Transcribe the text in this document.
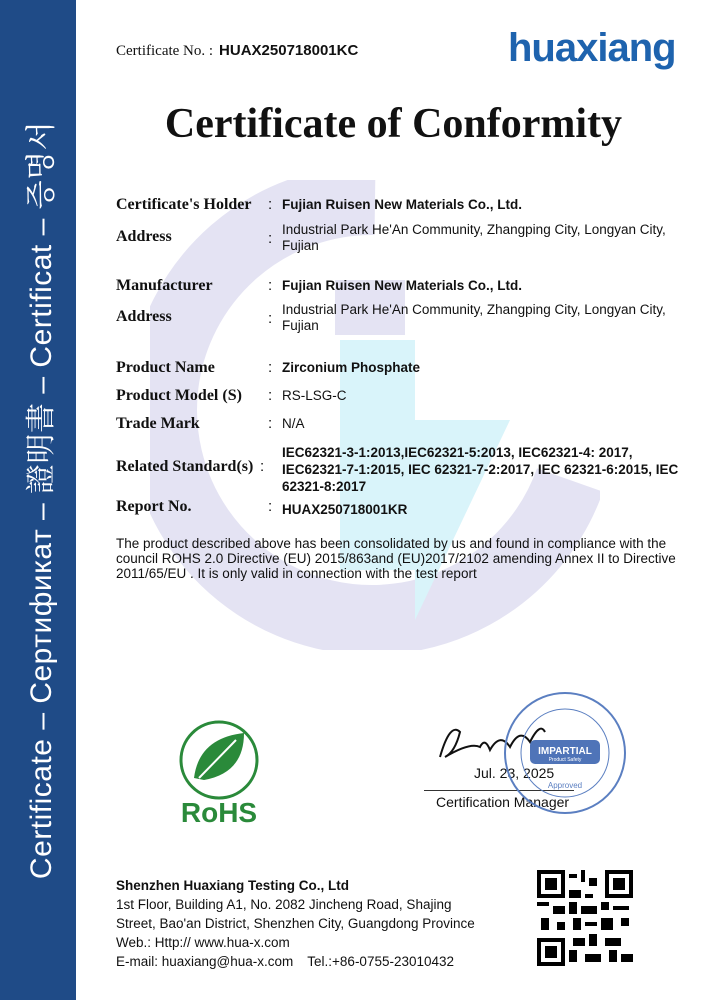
Certificate – Сертификат – 證明書 – Certificat – 증명서
Certificate No. : HUAX250718001KC	huaxiang
Certificate of Conformity
Certificate's Holder : Fujian Ruisen New Materials Co., Ltd.
Address	:
Industrial Park He'An Community, Zhangping City, Longyan City, Fujian
Manufacturer	: Fujian Ruisen New Materials Co., Ltd.
Address	:
Industrial Park He'An Community, Zhangping City, Longyan City, Fujian
Product Name	: Zirconium Phosphate
Product Model (S) : RS-LSG-C
Trade Mark	: N/A
Related Standard(s) :
IEC62321-3-1:2013,IEC62321-5:2013, IEC62321-4: 2017, IEC62321-7-1:2015, IEC 62321-7-2:2017, IEC 62321-6:2015, IEC 62321-8:2017
Report No.	: HUAX250718001KR
The product described above has been consolidated by us and found in compliance with the council ROHS 2.0 Directive (EU) 2015/863and (EU)2017/2102 amending Annex II to Directive 2011/65/EU . It is only valid in connection with the test report
RoHS
Jul. 23, 2025
Certification Manager
IMPARTIAL
Product Safety
Approved
Shenzhen Huaxiang Testing Co., Ltd
1st Floor, Building A1, No. 2082 Jincheng Road, Shajing
Street, Bao'an District, Shenzhen City, Guangdong Province
Web.: Http:// www.hua-x.com
E-mail: huaxiang@hua-x.com Tel.:+86-0755-23010432
